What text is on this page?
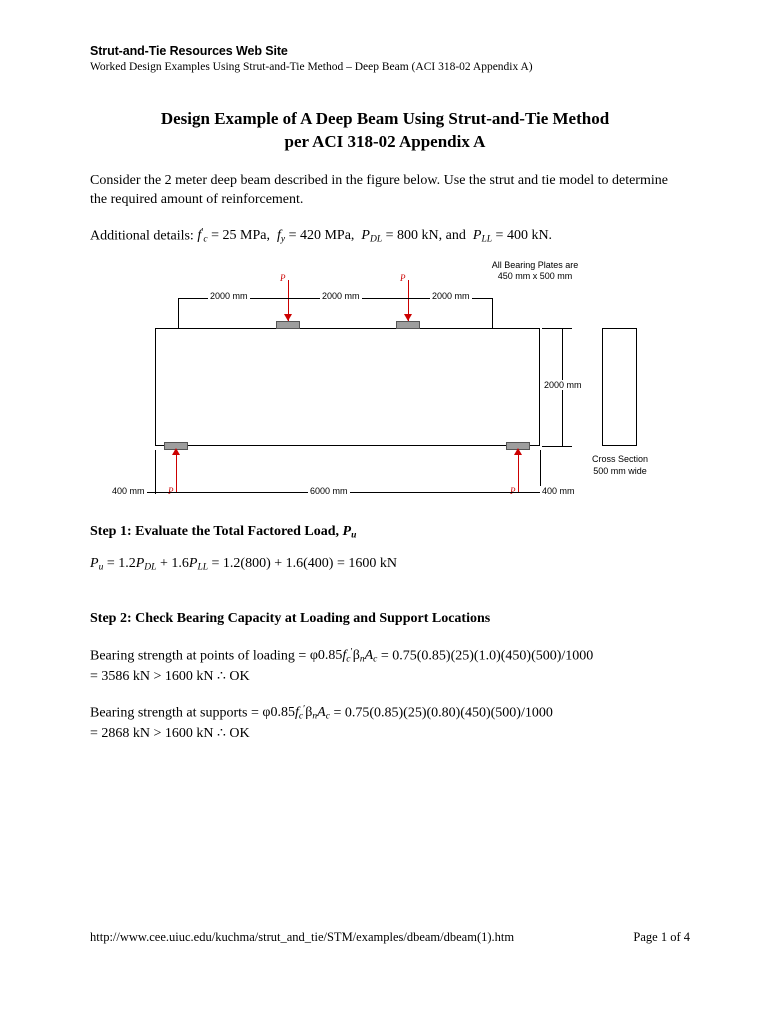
Strut-and-Tie Resources Web Site

Worked Design Examples Using Strut-and-Tie Method – Deep Beam (ACI 318-02 Appendix A)

Design Example of A Deep Beam Using Strut-and-Tie Method
per ACI 318-02 Appendix A
Consider the 2 meter deep beam described in the figure below. Use the strut and tie model to determine the required amount of reinforcement.
Additional details: $f'_c = 25$ MPa, $f_y = 420$ MPa, $P_{DL} = 800$ kN, and $P_{LL} = 400$ kN.
All Bearing Plates are
450 mm x 500 mm
Cross Section
500 mm wide
P	P
P	P
2000 mm	2000 mm	2000 mm
2000 mm
400 mm	6000 mm	400 mm
Step 1: Evaluate the Total Factored Load, $P_u$
$P_u = 1.2P_{DL} + 1.6P_{LL} = 1.2(800) + 1.6(400) = 1600$ kN
Step 2: Check Bearing Capacity at Loading and Support Locations
Bearing strength at points of loading = $\varphi 0.85f_c'\beta_nA_c = 0.75(0.85)(25)(1.0)(450)(500)/1000$
= 3586 kN > 1600 kN ∴ OK
Bearing strength at supports = $\varphi 0.85f_c'\beta_nA_c = 0.75(0.85)(25)(0.80)(450)(500)/1000$
= 2868 kN > 1600 kN ∴ OK
http://www.cee.uiuc.edu/kuchma/strut_and_tie/STM/examples/dbeam/dbeam(1).htm	Page 1 of 4
